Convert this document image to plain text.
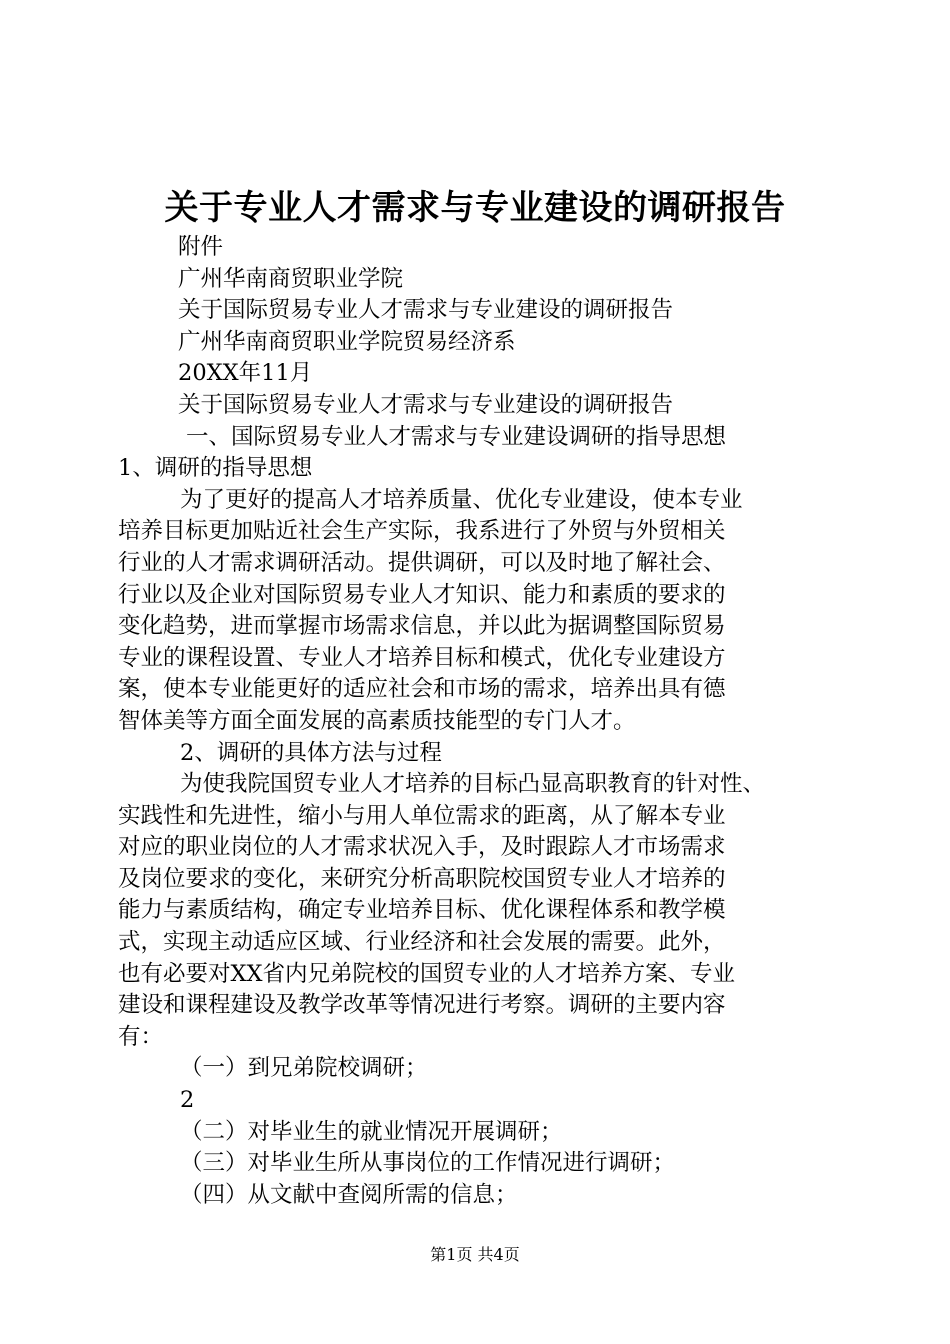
关于专业人才需求与专业建设的调研报告
附件
广州华南商贸职业学院
关于国际贸易专业人才需求与专业建设的调研报告
广州华南商贸职业学院贸易经济系
20XX年11月
关于国际贸易专业人才需求与专业建设的调研报告
一、国际贸易专业人才需求与专业建设调研的指导思想
1、调研的指导思想
为了更好的提高人才培养质量、优化专业建设，使本专业
培养目标更加贴近社会生产实际，我系进行了外贸与外贸相关
行业的人才需求调研活动。提供调研，可以及时地了解社会、
行业以及企业对国际贸易专业人才知识、能力和素质的要求的
变化趋势，进而掌握市场需求信息，并以此为据调整国际贸易
专业的课程设置、专业人才培养目标和模式，优化专业建设方
案，使本专业能更好的适应社会和市场的需求，培养出具有德
智体美等方面全面发展的高素质技能型的专门人才。
2、调研的具体方法与过程
为使我院国贸专业人才培养的目标凸显高职教育的针对性、
实践性和先进性，缩小与用人单位需求的距离，从了解本专业
对应的职业岗位的人才需求状况入手，及时跟踪人才市场需求
及岗位要求的变化，来研究分析高职院校国贸专业人才培养的
能力与素质结构，确定专业培养目标、优化课程体系和教学模
式，实现主动适应区域、行业经济和社会发展的需要。此外，
也有必要对XX省内兄弟院校的国贸专业的人才培养方案、专业
建设和课程建设及教学改革等情况进行考察。调研的主要内容
有：
（一）到兄弟院校调研；
2
（二）对毕业生的就业情况开展调研；
（三）对毕业生所从事岗位的工作情况进行调研；
（四）从文献中查阅所需的信息；
第1页 共4页
